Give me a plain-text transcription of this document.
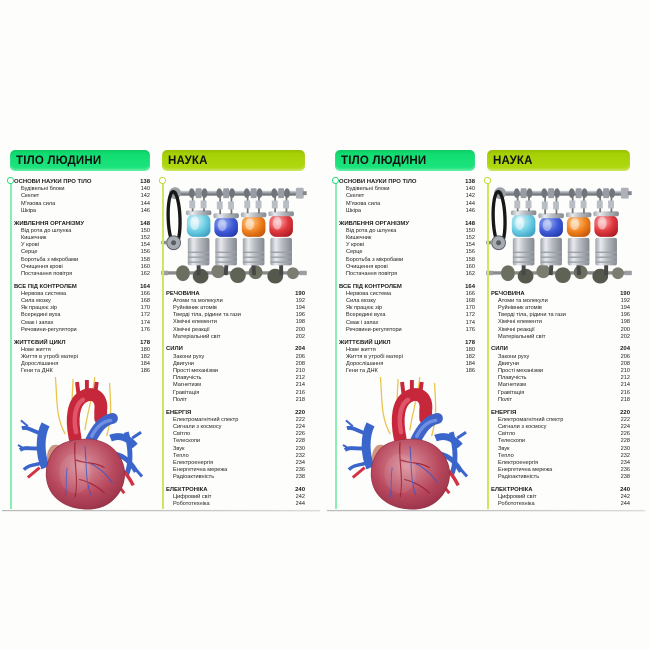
ТІЛО ЛЮДИНИ
ОСНОВИ НАУКИ ПРО ТІЛО	138
Будівельні блоки	140
Скелет	142
М'язова сила	144
Шкіра	146
ЖИВЛЕННЯ ОРГАНІЗМУ	148
Від рота до шлунка	150
Кишечник	152
У крові	154
Серце	156
Боротьба з мікробами	158
Очищення крові	160
Постачання повітря	162
ВСЕ ПІД КОНТРОЛЕМ	164
Нервова система	166
Сила мозку	168
Як працює зір	170
Всередині вуха	172
Смак і запах	174
Речовини-регулятори	176
ЖИТТЄВИЙ ЦИКЛ	178
Нове життя	180
Життя в утробі матері	182
Дорослішання	184
Гени та ДНК	186
НАУКА
РЕЧОВИНА	190
Атоми та молекули	192
Руйнівник атомів	194
Тверді тіла, рідини та гази	196
Хімічні елементи	198
Хімічні реакції	200
Матеріальний світ	202
СИЛИ	204
Закони руху	206
Двигуни	208
Прості механізми	210
Плавучість	212
Магнетизм	214
Гравітація	216
Політ	218
ЕНЕРГІЯ	220
Електромагнітний спектр	222
Сигнали з космосу	224
Світло	226
Телескопи	228
Звук	230
Тепло	232
Електроенергія	234
Енергетична мережа	236
Радіоактивність	238
ЕЛЕКТРОНІКА	240
Цифровий світ	242
Робототехніка	244
ТІЛО ЛЮДИНИ
ОСНОВИ НАУКИ ПРО ТІЛО	138
Будівельні блоки	140
Скелет	142
М'язова сила	144
Шкіра	146
ЖИВЛЕННЯ ОРГАНІЗМУ	148
Від рота до шлунка	150
Кишечник	152
У крові	154
Серце	156
Боротьба з мікробами	158
Очищення крові	160
Постачання повітря	162
ВСЕ ПІД КОНТРОЛЕМ	164
Нервова система	166
Сила мозку	168
Як працює зір	170
Всередині вуха	172
Смак і запах	174
Речовини-регулятори	176
ЖИТТЄВИЙ ЦИКЛ	178
Нове життя	180
Життя в утробі матері	182
Дорослішання	184
Гени та ДНК	186
НАУКА
РЕЧОВИНА	190
Атоми та молекули	192
Руйнівник атомів	194
Тверді тіла, рідини та гази	196
Хімічні елементи	198
Хімічні реакції	200
Матеріальний світ	202
СИЛИ	204
Закони руху	206
Двигуни	208
Прості механізми	210
Плавучість	212
Магнетизм	214
Гравітація	216
Політ	218
ЕНЕРГІЯ	220
Електромагнітний спектр	222
Сигнали з космосу	224
Світло	226
Телескопи	228
Звук	230
Тепло	232
Електроенергія	234
Енергетична мережа	236
Радіоактивність	238
ЕЛЕКТРОНІКА	240
Цифровий світ	242
Робототехніка	244
